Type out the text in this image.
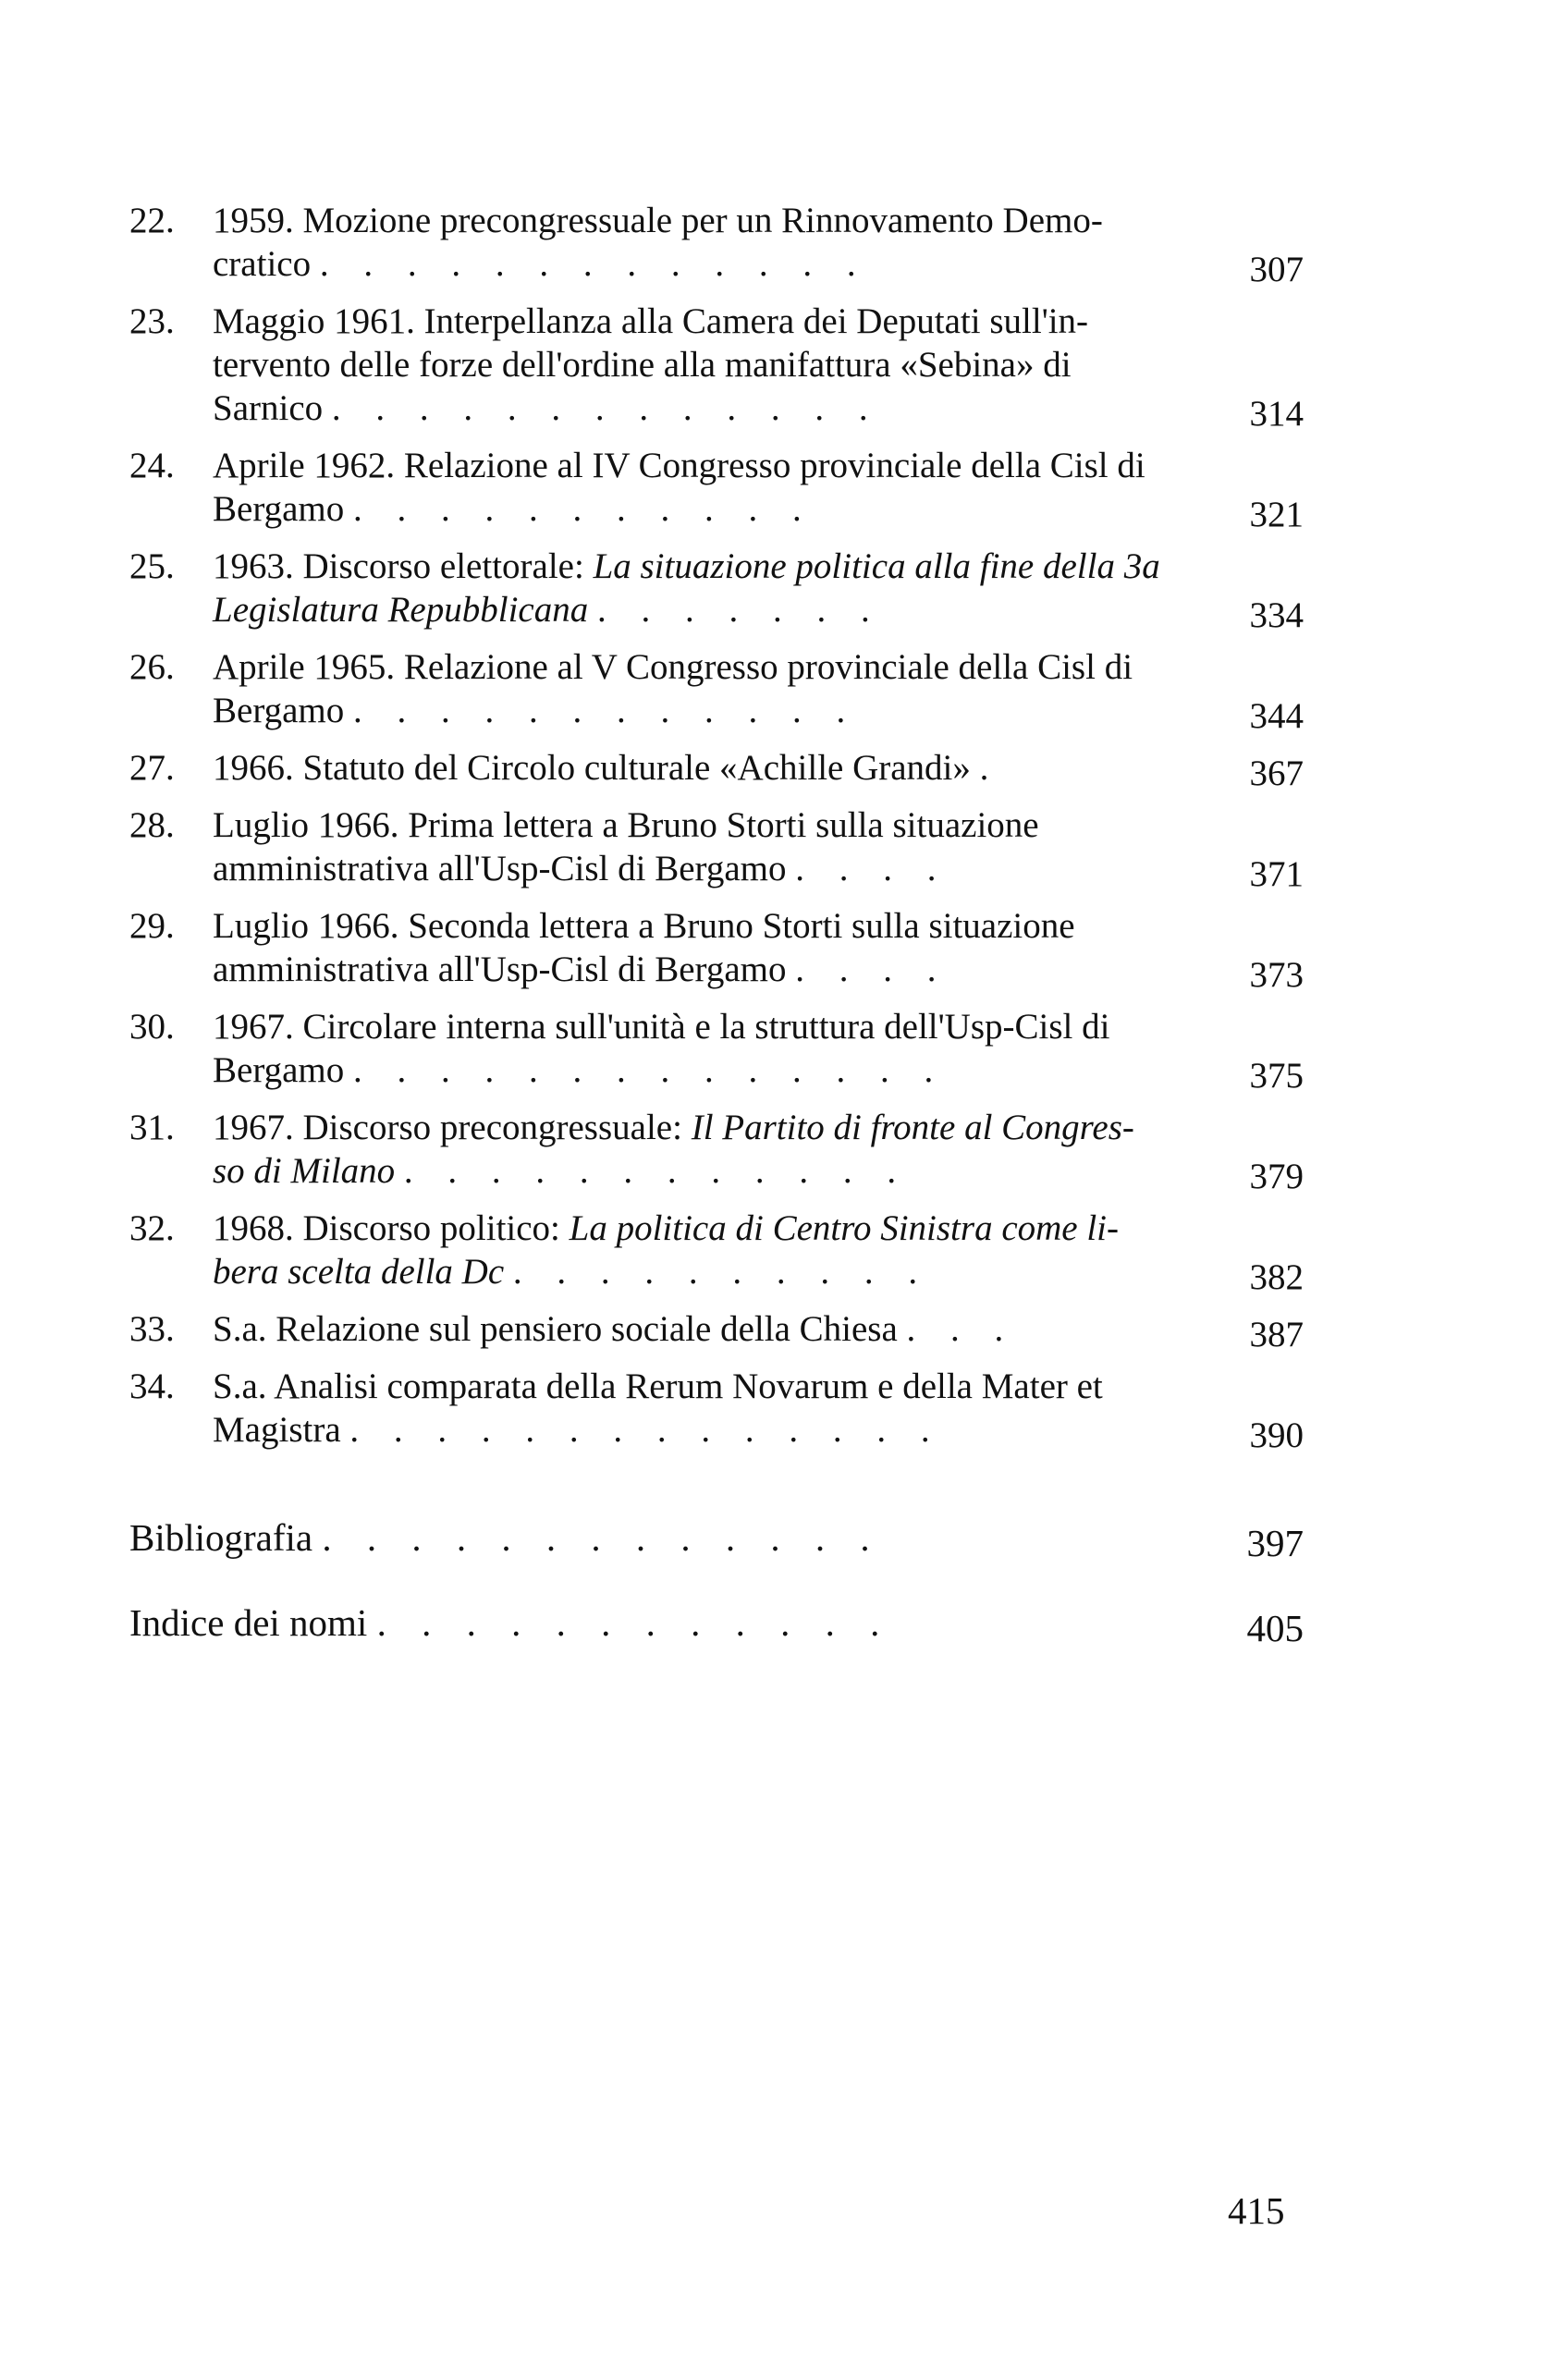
22.	1959. Mozione precongressuale per un Rinnovamento Demo- cratico . . . . . . . . . . . . .	307
23.	Maggio 1961. Interpellanza alla Camera dei Deputati sull'in- tervento delle forze dell'ordine alla manifattura «Sebina» di Sarnico . . . . . . . . . . . . .	314
24.	Aprile 1962. Relazione al IV Congresso provinciale della Cisl di Bergamo . . . . . . . . . . .	321
25.	1963. Discorso elettorale: La situazione politica alla fine della 3a Legislatura Repubblicana . . . . . . .	334
26.	Aprile 1965. Relazione al V Congresso provinciale della Cisl di Bergamo . . . . . . . . . . . .	344
27.	1966. Statuto del Circolo culturale «Achille Grandi» .	367
28.	Luglio 1966. Prima lettera a Bruno Storti sulla situazione amministrativa all'Usp-Cisl di Bergamo . . . .	371
29.	Luglio 1966. Seconda lettera a Bruno Storti sulla situazione amministrativa all'Usp-Cisl di Bergamo . . . .	373
30.	1967. Circolare interna sull'unità e la struttura dell'Usp-Cisl di Bergamo . . . . . . . . . . . . . .	375
31.	1967. Discorso precongressuale: Il Partito di fronte al Congres- so di Milano . . . . . . . . . . . .	379
32.	1968. Discorso politico: La politica di Centro Sinistra come li- bera scelta della Dc . . . . . . . . . .	382
33.	S.a. Relazione sul pensiero sociale della Chiesa . . .	387
34.	S.a. Analisi comparata della Rerum Novarum e della Mater et Magistra . . . . . . . . . . . . . .	390
Bibliografia . . . . . . . . . . . . .	397
Indice dei nomi . . . . . . . . . . . .	405
415
